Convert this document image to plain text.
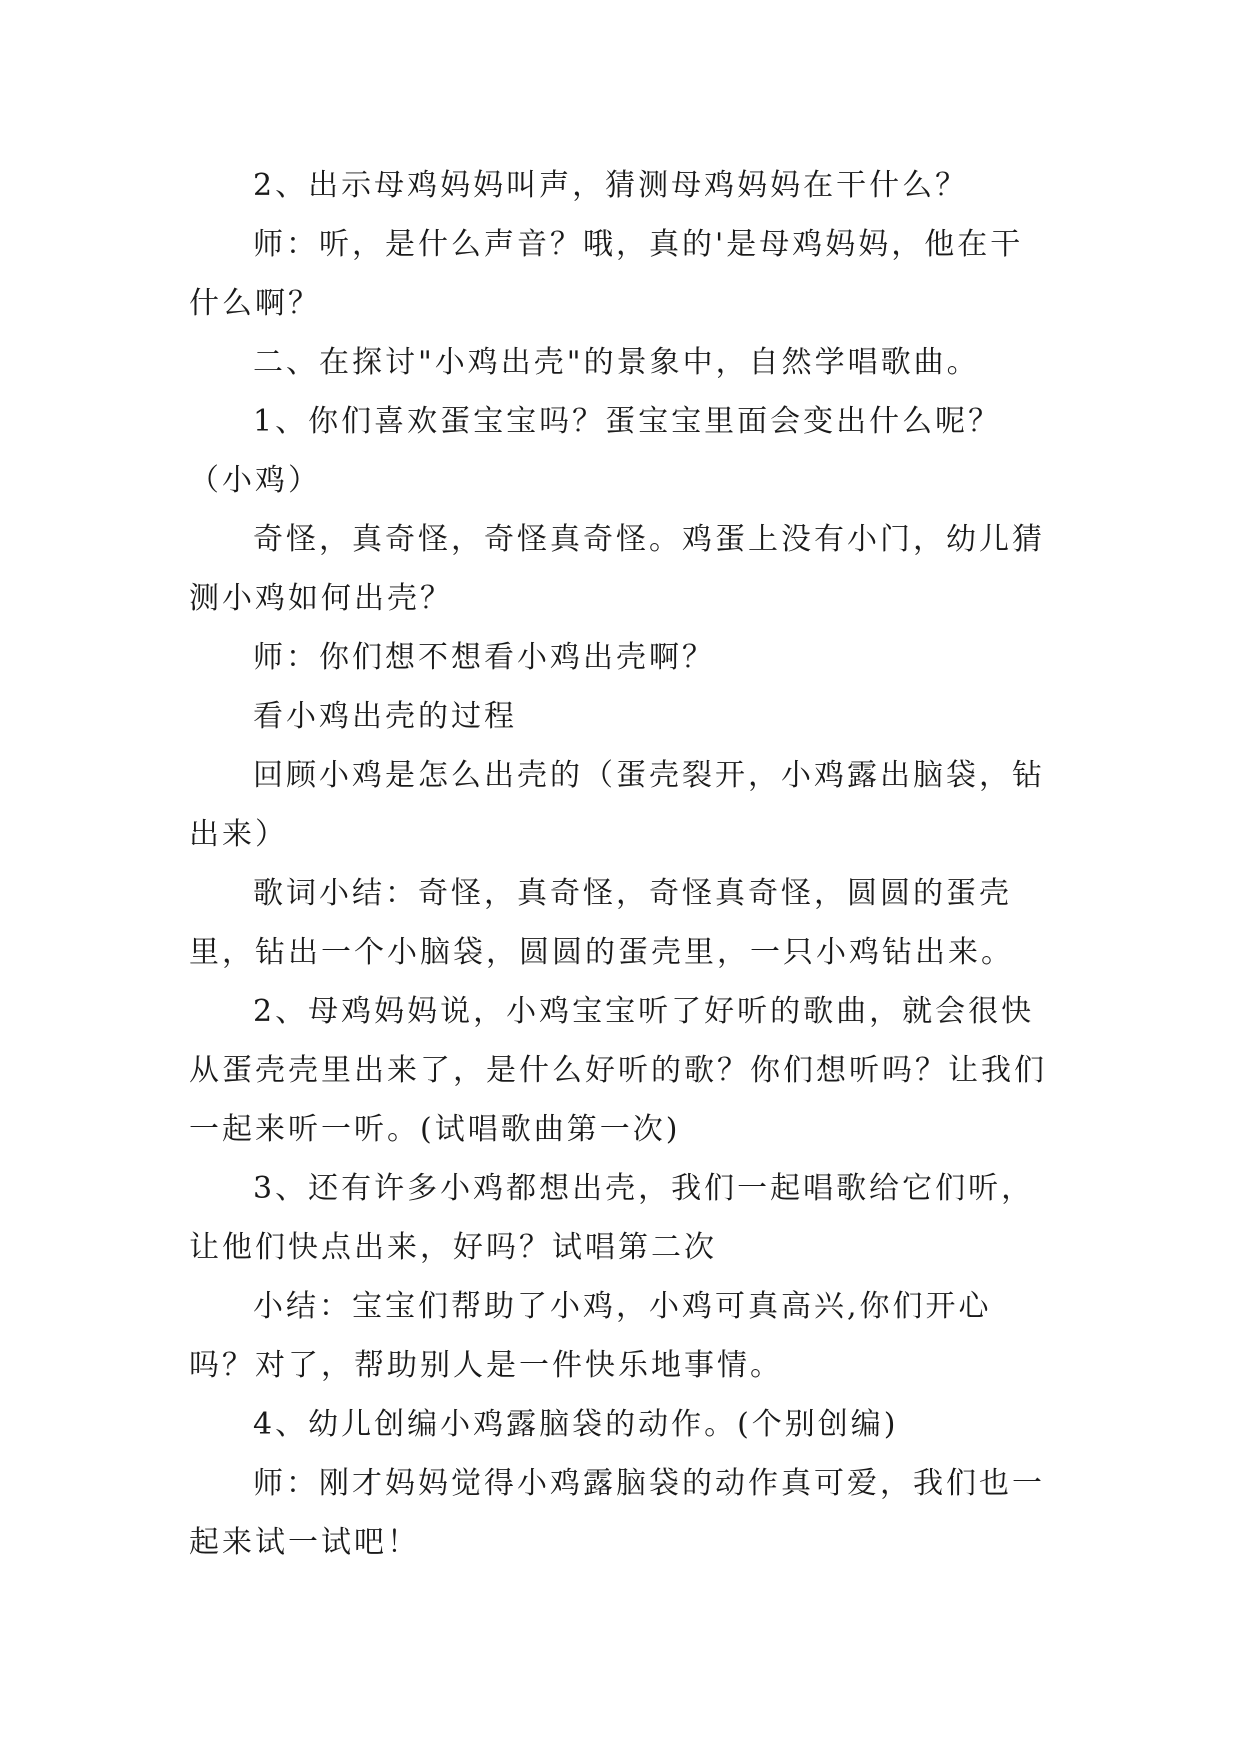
2、出示母鸡妈妈叫声，猜测母鸡妈妈在干什么？

师：听，是什么声音？哦，真的'是母鸡妈妈，他在干什么啊？

二、在探讨"小鸡出壳"的景象中，自然学唱歌曲。

1、你们喜欢蛋宝宝吗？蛋宝宝里面会变出什么呢？（小鸡）

奇怪，真奇怪，奇怪真奇怪。鸡蛋上没有小门，幼儿猜测小鸡如何出壳？

师：你们想不想看小鸡出壳啊？

看小鸡出壳的过程

回顾小鸡是怎么出壳的（蛋壳裂开，小鸡露出脑袋，钻出来）

歌词小结：奇怪，真奇怪，奇怪真奇怪，圆圆的蛋壳里，钻出一个小脑袋，圆圆的蛋壳里，一只小鸡钻出来。

2、母鸡妈妈说，小鸡宝宝听了好听的歌曲，就会很快从蛋壳壳里出来了，是什么好听的歌？你们想听吗？让我们一起来听一听。(试唱歌曲第一次)

3、还有许多小鸡都想出壳，我们一起唱歌给它们听，让他们快点出来，好吗？试唱第二次

小结：宝宝们帮助了小鸡，小鸡可真高兴,你们开心吗？对了，帮助别人是一件快乐地事情。

4、幼儿创编小鸡露脑袋的动作。(个别创编)

师：刚才妈妈觉得小鸡露脑袋的动作真可爱，我们也一起来试一试吧！
